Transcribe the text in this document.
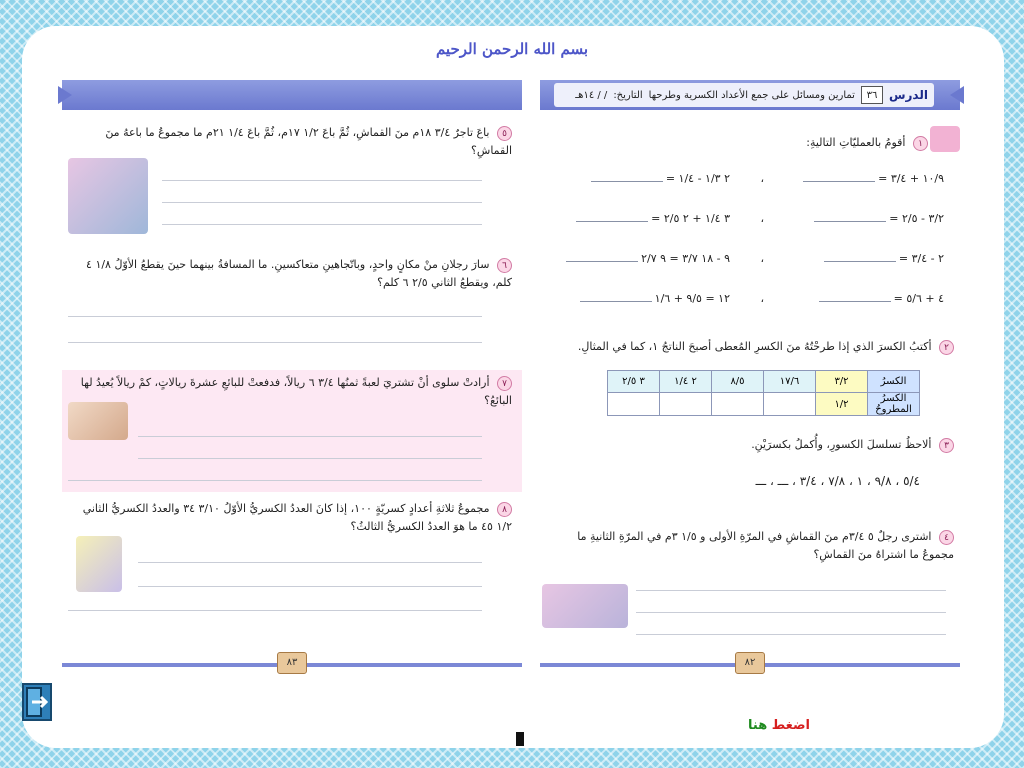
بسم الله الرحمن الرحيم
الدرس
٣٦
تمارين ومسائل على جمع الأعداد الكسرية وطرحها
التاريخ:
/ / ١٤هـ
١ أقومُ بالعمليّاتِ التاليةِ:
١٠/٩ + ٣/٤ =
،
٢ ١/٣ - ١/٤ =
٣/٢ - ٢/٥ =
،
٣ ١/٤ + ٢ ٢/٥ =
٢ - ٣/٤ =
،
٩ - ١٨ ٣/٧ = ٩ ٢/٧
٤ + ٥/٦ =
،
١٢ = ٩/٥ + ١/٦
٢ أكتبُ الكسرَ الذي إذا طرحْتُهُ منَ الكسرِ المُعطى أصبحَ الناتجُ ١، كما في المثالِ.
الكسرُ	٣/٢	١٧/٦	٨/٥	٢ ١/٤	٣ ٢/٥
الكسرُ المطروحُ	١/٢				
٣ ألاحظُ تسلسلَ الكسورِ، وأُكملُ بكسرَيْنِ.
٥/٤ ، ٩/٨ ، ١ ، ٧/٨ ، ٣/٤ ، ـــ ، ـــ
٤ اشترى رجلٌ ٥ ٣/٤م منَ القماشِ في المرّةِ الأولى و ١/٥ ٣م في المرّةِ الثانيةِ ما مجموعُ ما اشتراهُ منَ القماشِ؟
٨٢
٥ باعَ تاجرٌ ٣/٤ ١٨م منَ القماشِ، ثُمَّ باعَ ١/٢ ١٧م، ثُمَّ باعَ ١/٤ ٢١م ما مجموعُ ما باعهُ منَ القماشِ؟
٦ سارَ رجلانِ منْ مكانٍ واحدٍ، وباتّجاهينِ متعاكسينِ. ما المسافةُ بينهما حينَ يقطعُ الأوّلُ ١/٨ ٤ كلم، ويقطعُ الثاني ٢/٥ ٦ كلم؟
٧ أرادتْ سلوى أنْ تشتريَ لعبةً ثمنُها ٣/٤ ٦ ريالاً، فدفعتْ للبائعِ عشرةَ ريالاتٍ، كمْ ريالاً يُعيدُ لها البائعُ؟
٨ مجموعُ ثلاثةِ أعدادٍ كسريّةٍ ١٠٠، إذا كانَ العددُ الكسريُّ الأوّلُ ٣/١٠ ٣٤ والعددُ الكسريُّ الثاني ١/٢ ٤٥ ما هوَ العددُ الكسريُّ الثالثُ؟
٨٣
اضغط هنا
